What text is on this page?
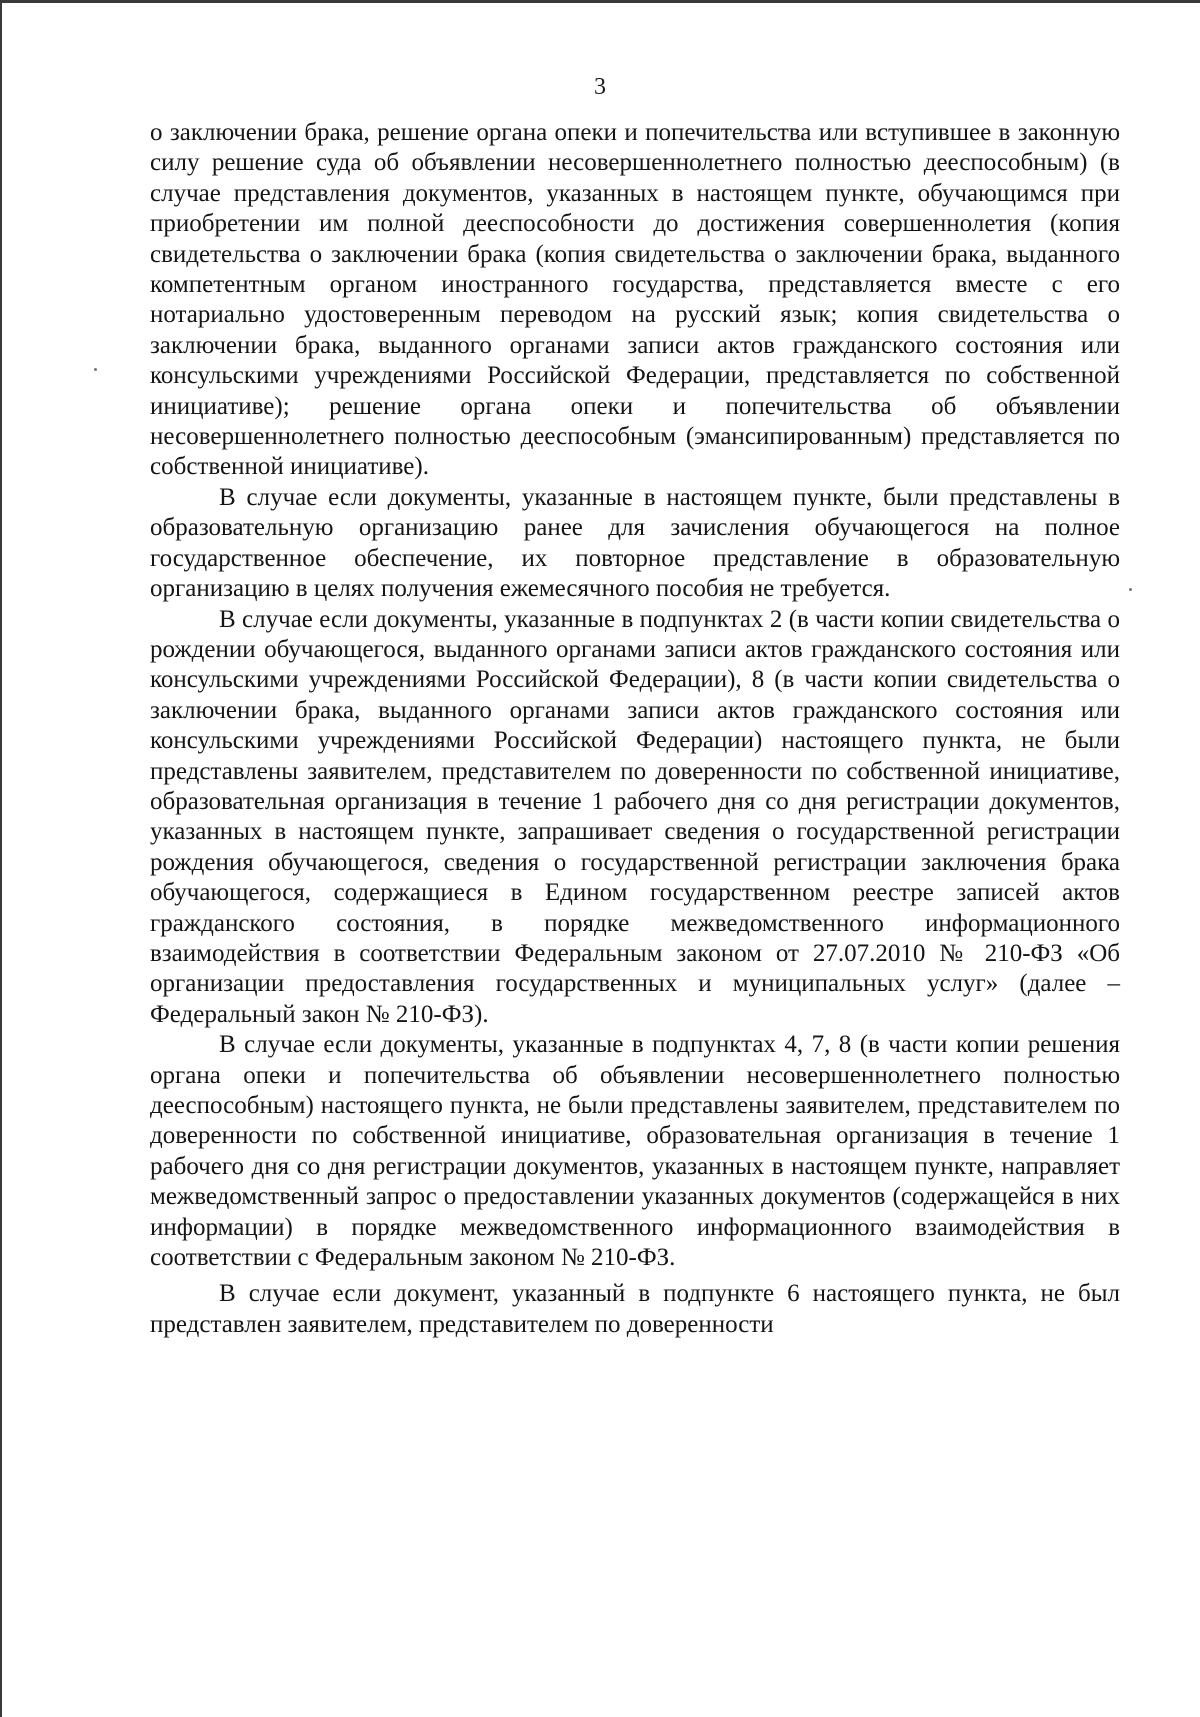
3

о заключении брака, решение органа опеки и попечительства или вступившее в законную силу решение суда об объявлении несовершеннолетнего полностью дееспособным) (в случае представления документов, указанных в настоящем пункте, обучающимся при приобретении им полной дееспособности до достижения совершеннолетия (копия свидетельства о заключении брака (копия свидетельства о заключении брака, выданного компетентным органом иностранного государства, представляется вместе с его нотариально удостоверенным переводом на русский язык; копия свидетельства о заключении брака, выданного органами записи актов гражданского состояния или консульскими учреждениями Российской Федерации, представляется по собственной инициативе); решение органа опеки и попечительства об объявлении несовершеннолетнего полностью дееспособным (эмансипированным) представляется по собственной инициативе).

В случае если документы, указанные в настоящем пункте, были представлены в образовательную организацию ранее для зачисления обучающегося на полное государственное обеспечение, их повторное представление в образовательную организацию в целях получения ежемесячного пособия не требуется.

В случае если документы, указанные в подпунктах 2 (в части копии свидетельства о рождении обучающегося, выданного органами записи актов гражданского состояния или консульскими учреждениями Российской Федерации), 8 (в части копии свидетельства о заключении брака, выданного органами записи актов гражданского состояния или консульскими учреждениями Российской Федерации) настоящего пункта, не были представлены заявителем, представителем по доверенности по собственной инициативе, образовательная организация в течение 1 рабочего дня со дня регистрации документов, указанных в настоящем пункте, запрашивает сведения о государственной регистрации рождения обучающегося, сведения о государственной регистрации заключения брака обучающегося, содержащиеся в Едином государственном реестре записей актов гражданского состояния, в порядке межведомственного информационного взаимодействия в соответствии Федеральным законом от 27.07.2010 № 210-ФЗ «Об организации предоставления государственных и муниципальных услуг» (далее – Федеральный закон № 210-ФЗ).

В случае если документы, указанные в подпунктах 4, 7, 8 (в части копии решения органа опеки и попечительства об объявлении несовершеннолетнего полностью дееспособным) настоящего пункта, не были представлены заявителем, представителем по доверенности по собственной инициативе, образовательная организация в течение 1 рабочего дня со дня регистрации документов, указанных в настоящем пункте, направляет межведомственный запрос о предоставлении указанных документов (содержащейся в них информации) в порядке межведомственного информационного взаимодействия в соответствии с Федеральным законом № 210-ФЗ.

В случае если документ, указанный в подпункте 6 настоящего пункта, не был представлен заявителем, представителем по доверенности
